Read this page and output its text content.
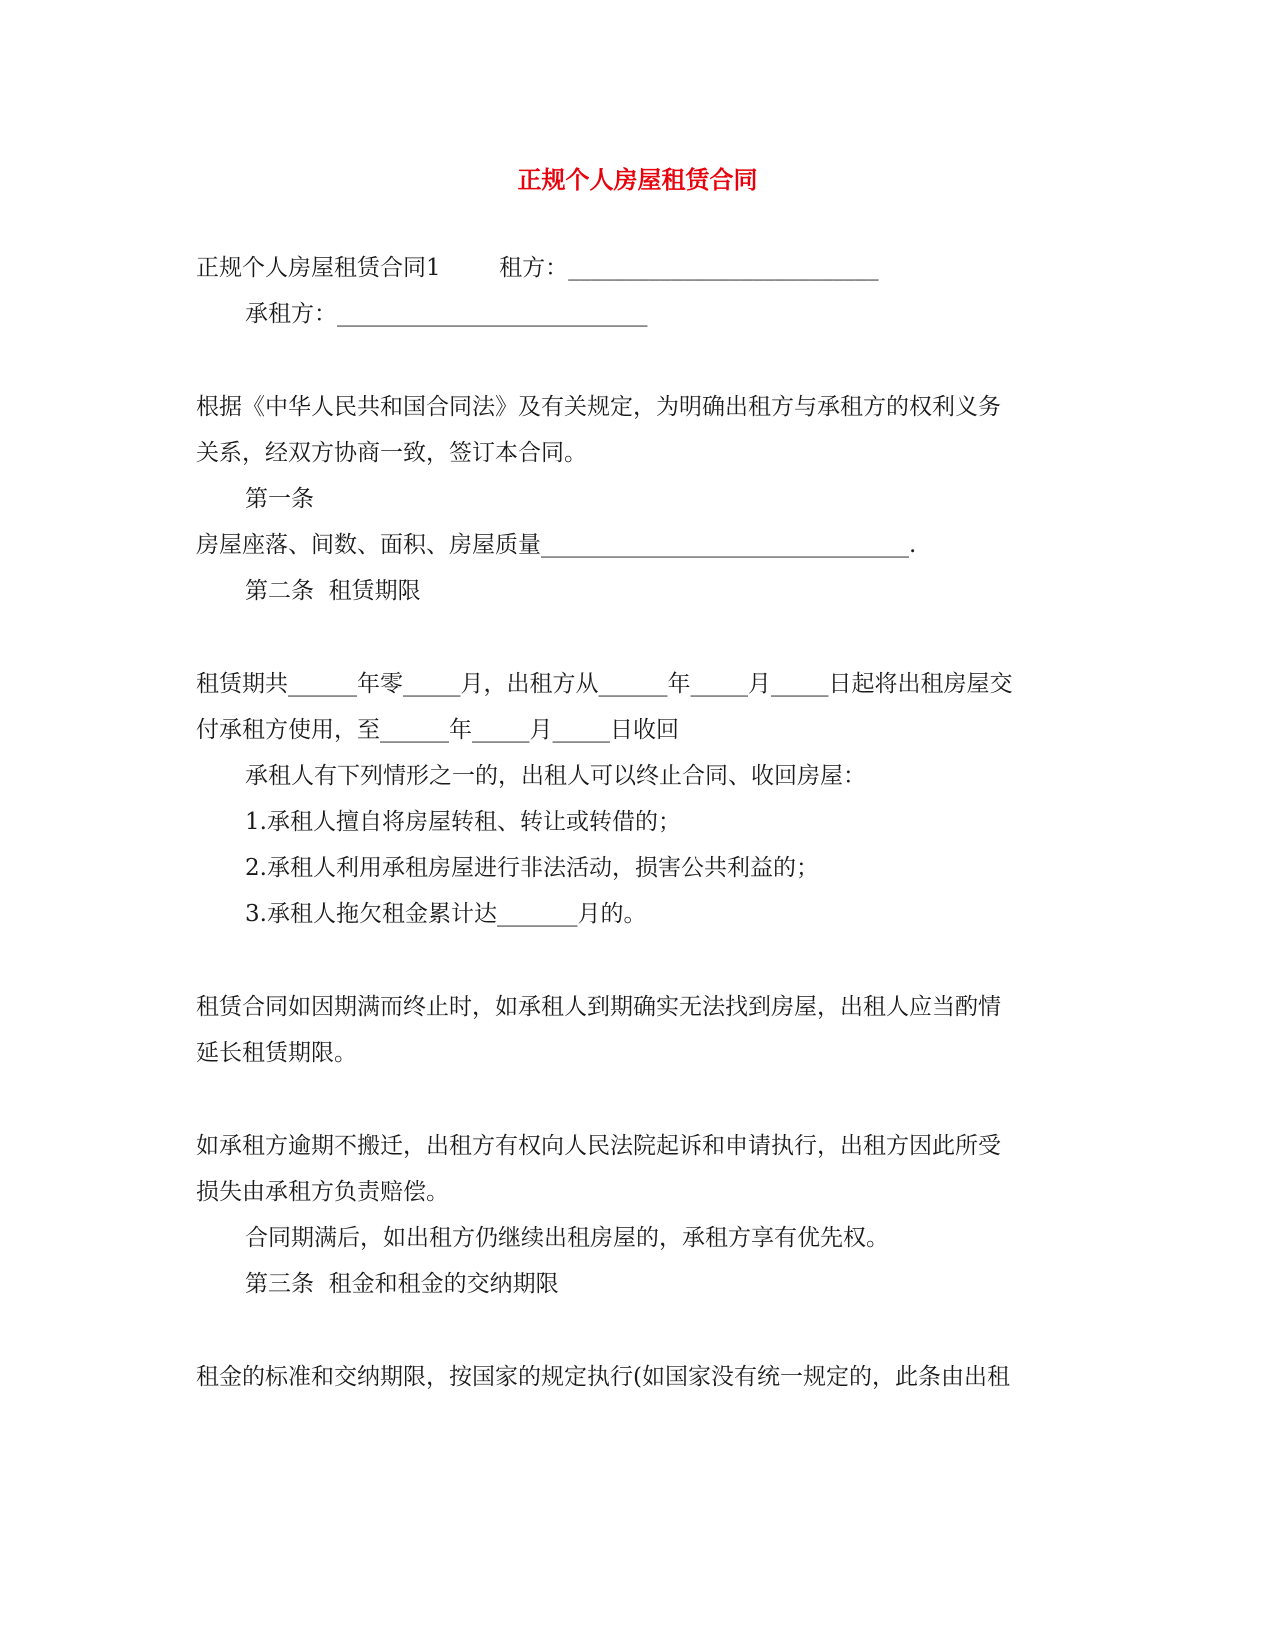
正规个人房屋租赁合同
正规个人房屋租赁合同1        租方：___________________________
承租方：___________________________
根据《中华人民共和国合同法》及有关规定，为明确出租方与承租方的权利义务
关系，经双方协商一致，签订本合同。
第一条
房屋座落、间数、面积、房屋质量________________________________.
第二条  租赁期限
租赁期共______年零_____月，出租方从______年_____月_____日起将出租房屋交
付承租方使用，至______年_____月_____日收回
承租人有下列情形之一的，出租人可以终止合同、收回房屋：
1.承租人擅自将房屋转租、转让或转借的；
2.承租人利用承租房屋进行非法活动，损害公共利益的；
3.承租人拖欠租金累计达_______月的。
租赁合同如因期满而终止时，如承租人到期确实无法找到房屋，出租人应当酌情
延长租赁期限。
如承租方逾期不搬迁，出租方有权向人民法院起诉和申请执行，出租方因此所受
损失由承租方负责赔偿。
合同期满后，如出租方仍继续出租房屋的，承租方享有优先权。
第三条  租金和租金的交纳期限
租金的标准和交纳期限，按国家的规定执行(如国家没有统一规定的，此条由出租
